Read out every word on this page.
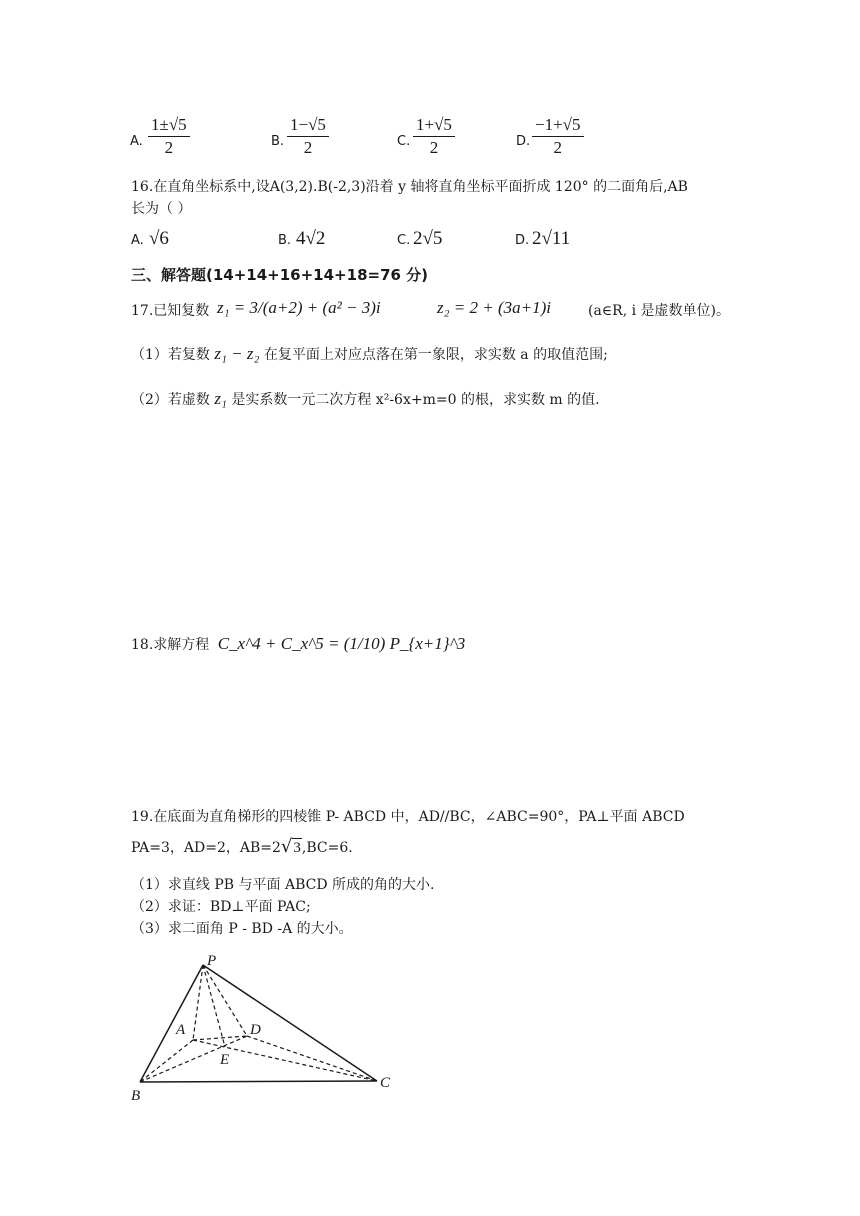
A. $\frac{1\pm√5}{2}$	B. $\frac{1-√5}{2}$	C. $\frac{1+√5}{2}$	D. $\frac{-1+√5}{2}$
16.在直角坐标系中,设A(3,2).B(-2,3)沿着 y 轴将直角坐标平面折成 120° 的二面角后,AB
长为（ ）
A. √6	B. 4√2	C. 2√5	D. 2√11
三、解答题(14+14+16+14+18=76 分)
17.已知复数 z₁ = 3/(a+2) + (a² − 3)i	z₂ = 2 + (3a+1)i	(a∈R, i 是虚数单位)。
（1）若复数 z₁ − z₂ 在复平面上对应点落在第一象限，求实数 a 的取值范围;
（2）若虚数 z₁ 是实系数一元二次方程 x²-6x+m=0 的根，求实数 m 的值.
18.求解方程 C_x^4 + C_x^5 = (1/10) P_{x+1}^3
19.在底面为直角梯形的四棱锥 P- ABCD 中，AD//BC，∠ABC=90°，PA⊥平面 ABCD
PA=3，AD=2，AB=2√3,BC=6.
（1）求直线 PB 与平面 ABCD 所成的角的大小.
（2）求证：BD⊥平面 PAC;
（3）求二面角 P - BD -A 的大小。
P
A	D
E
B
C
